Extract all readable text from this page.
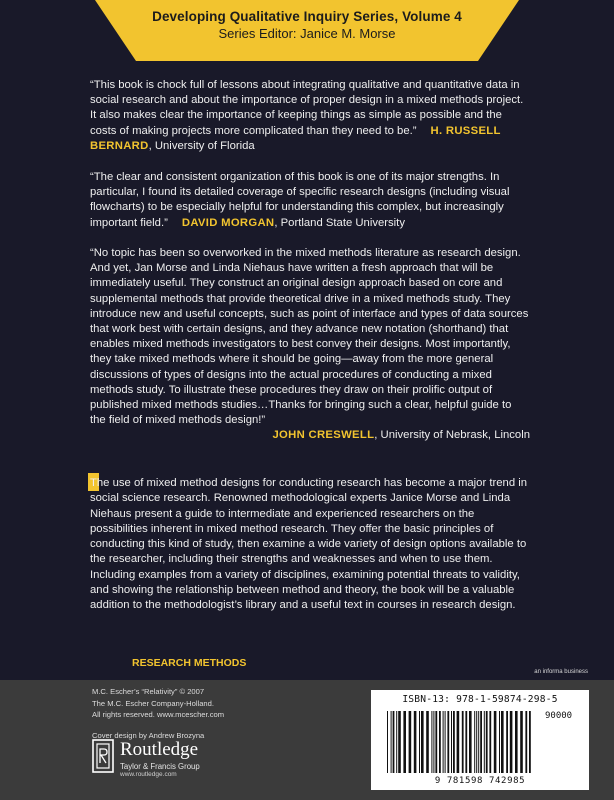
Developing Qualitative Inquiry Series, Volume 4
Series Editor: Janice M. Morse
“This book is chock full of lessons about integrating qualitative and quantitative data in social research and about the importance of proper design in a mixed methods project. It also makes clear the importance of keeping things as simple as possible and the costs of making projects more complicated than they need to be.” H. RUSSELL BERNARD, University of Florida
“The clear and consistent organization of this book is one of its major strengths. In particular, I found its detailed coverage of specific research designs (including visual flowcharts) to be especially helpful for understanding this complex, but increasingly important field.” DAVID MORGAN, Portland State University
“No topic has been so overworked in the mixed methods literature as research design. And yet, Jan Morse and Linda Niehaus have written a fresh approach that will be immediately useful. They construct an original design approach based on core and supplemental methods that provide theoretical drive in a mixed methods study. They introduce new and useful concepts, such as point of interface and types of data sources that work best with certain designs, and they advance new notation (shorthand) that enables mixed methods investigators to best convey their designs. Most importantly, they take mixed methods where it should be going—away from the more general discussions of types of designs into the actual procedures of conducting a mixed methods study. To illustrate these procedures they draw on their prolific output of published mixed methods studies…Thanks for bringing such a clear, helpful guide to the field of mixed methods design!”
JOHN CRESWELL, University of Nebrask, Lincoln
The use of mixed method designs for conducting research has become a major trend in social science research. Renowned methodological experts Janice Morse and Linda Niehaus present a guide to intermediate and experienced researchers on the possibilities inherent in mixed method research. They offer the basic principles of conducting this kind of study, then examine a wide variety of design options available to the researcher, including their strengths and weaknesses and when to use them. Including examples from a variety of disciplines, examining potential threats to validity, and showing the relationship between method and theory, the book will be a valuable addition to the methodologist’s library and a useful text in courses in research design.
RESEARCH METHODS
an informa business
M.C. Escher’s “Relativity” © 2007
The M.C. Escher Company-Holland.
All rights reserved. www.mcescher.com
Cover design by Andrew Brozyna
Routledge
Taylor & Francis Group
www.routledge.com
ISBN-13: 978-1-59874-298-5
90000
9 781598 742985
